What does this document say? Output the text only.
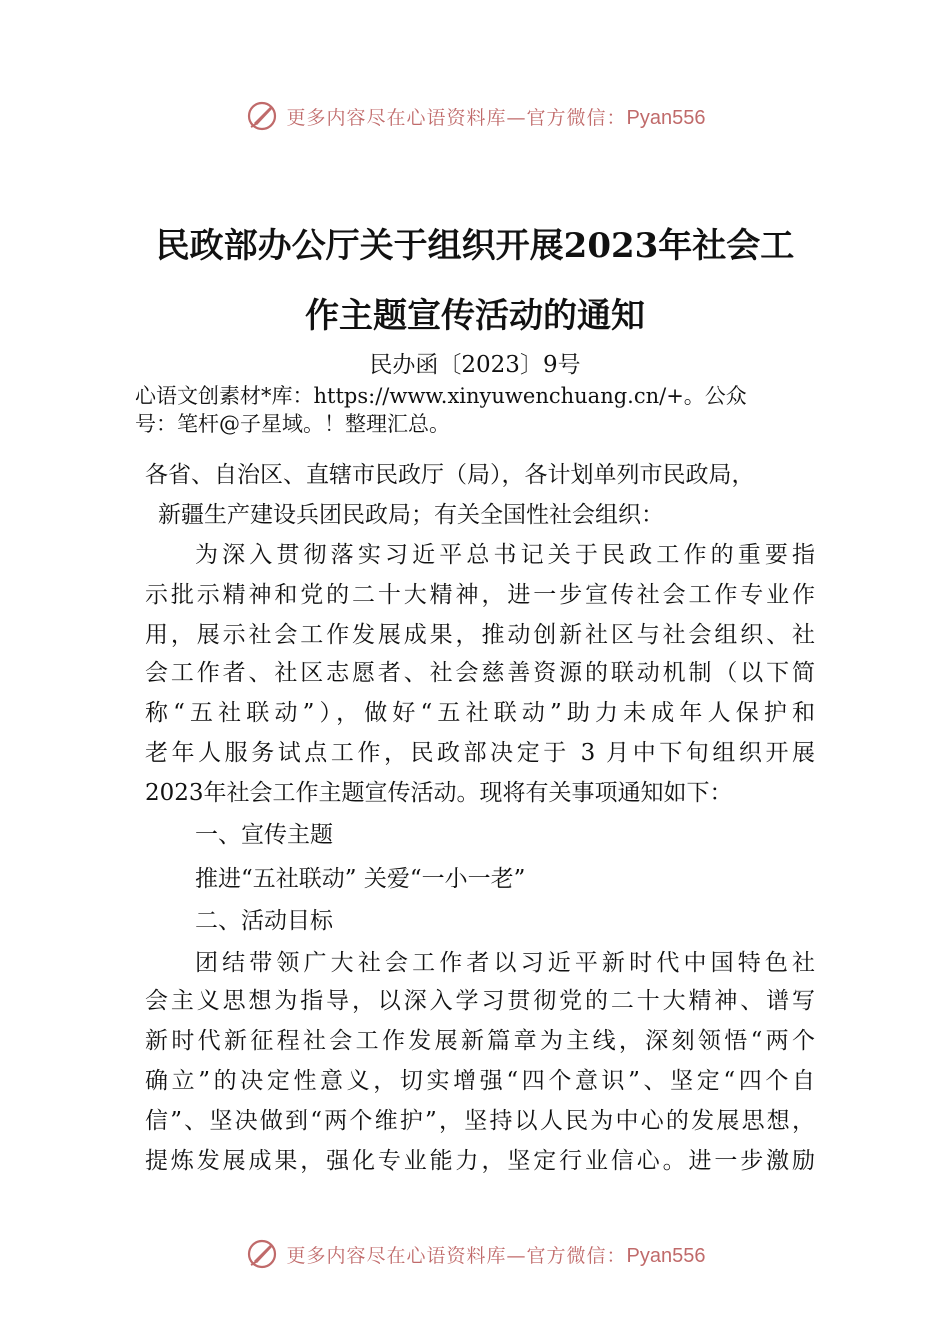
更多内容尽在心语资料库—官方微信：Pyan556
民政部办公厅关于组织开展2023年社会工
作主题宣传活动的通知
民办函〔2023〕9号
心语文创素材*库：https://www.xinyuwenchuang.cn/+。公众
号：笔杆@子星域。！整理汇总。

各省、自治区、直辖市民政厅（局），各计划单列市民政局，

新疆生产建设兵团民政局；有关全国性社会组织：

为深入贯彻落实习近平总书记关于民政工作的重要指

示批示精神和党的二十大精神，进一步宣传社会工作专业作

用，展示社会工作发展成果，推动创新社区与社会组织、社

会工作者、社区志愿者、社会慈善资源的联动机制（以下简

称“五社联动”），做好“五社联动”助力未成年人保护和

老年人服务试点工作，民政部决定于 3 月中下旬组织开展

2023年社会工作主题宣传活动。现将有关事项通知如下：

一、宣传主题

推进“五社联动” 关爱“一小一老”

二、活动目标

团结带领广大社会工作者以习近平新时代中国特色社

会主义思想为指导，以深入学习贯彻党的二十大精神、谱写

新时代新征程社会工作发展新篇章为主线，深刻领悟“两个

确立”的决定性意义，切实增强“四个意识”、坚定“四个自

信”、坚决做到“两个维护”，坚持以人民为中心的发展思想，

提炼发展成果，强化专业能力，坚定行业信心。进一步激励

更多内容尽在心语资料库—官方微信：Pyan556
